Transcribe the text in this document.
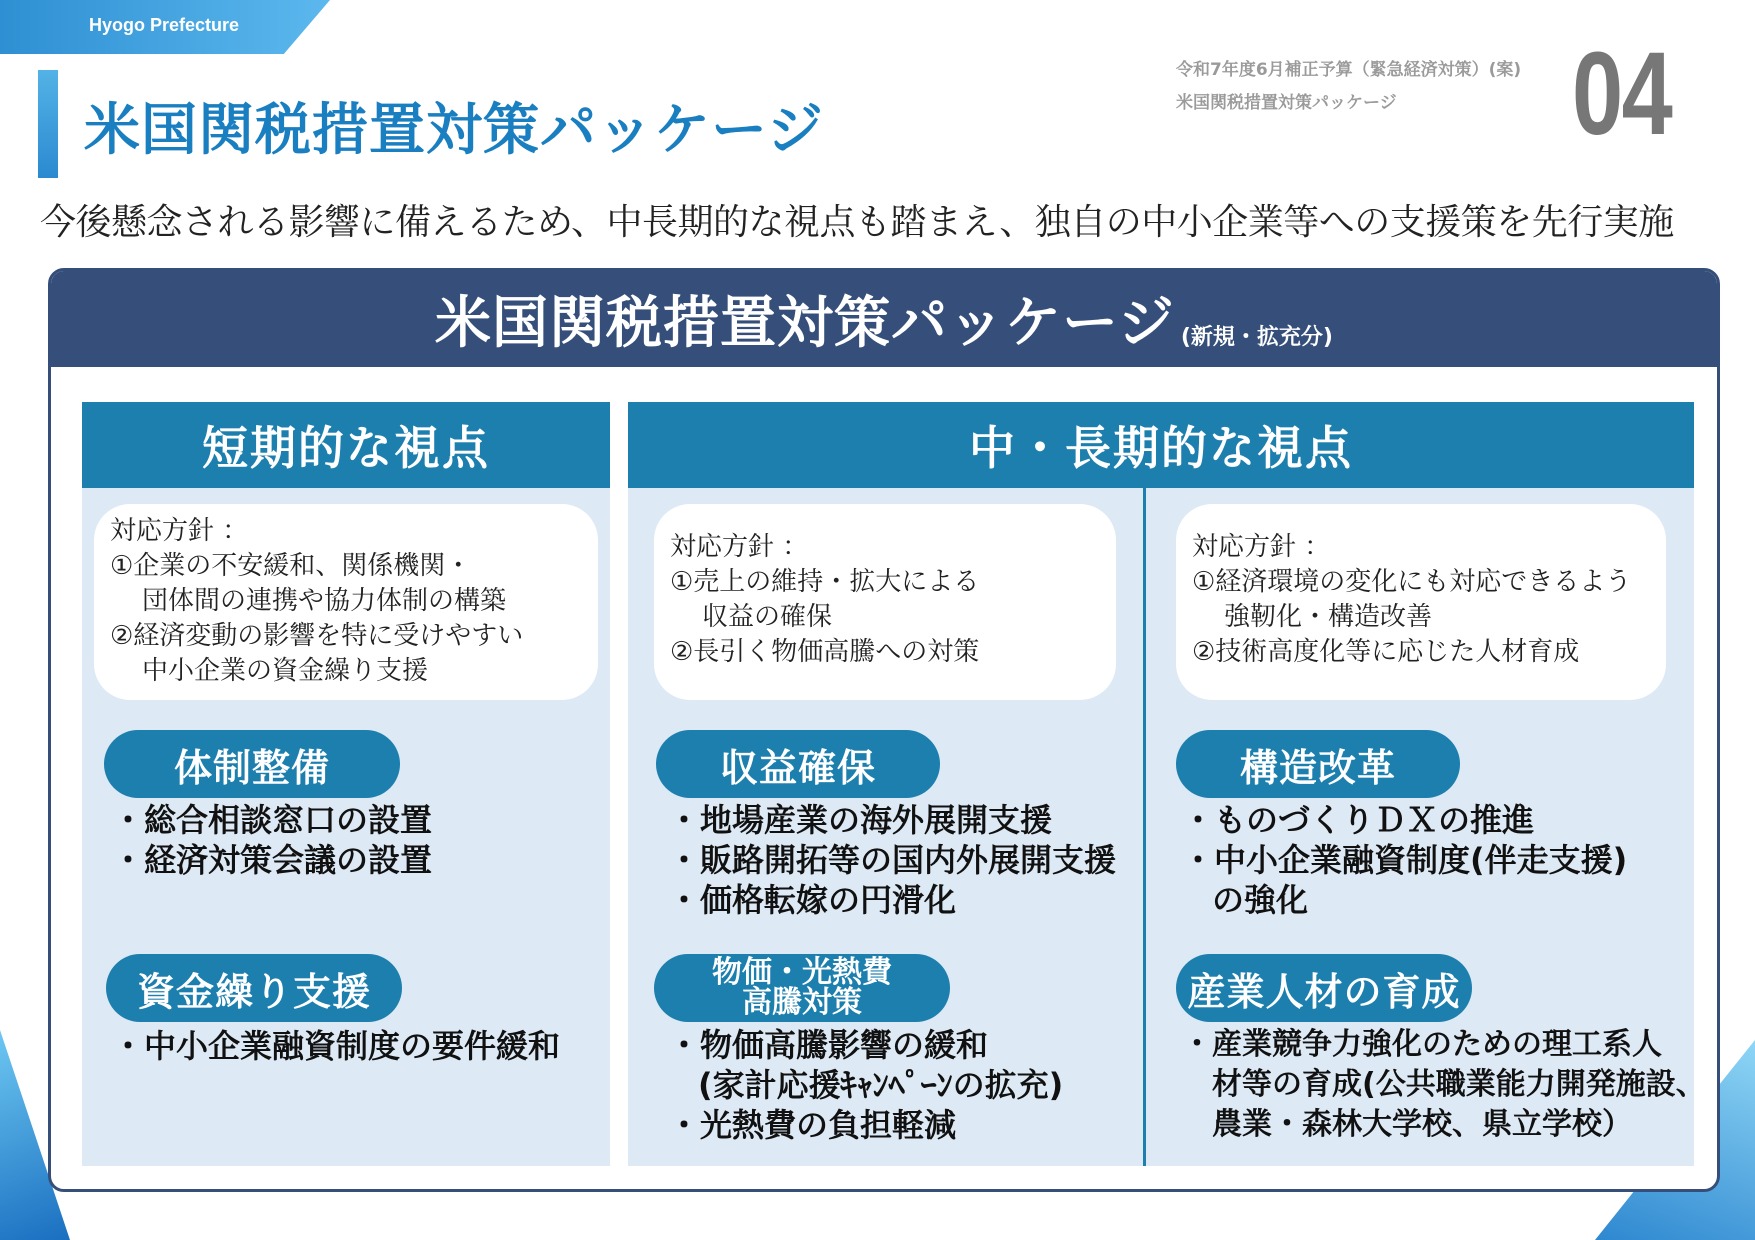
Hyogo Prefecture
米国関税措置対策パッケージ
令和7年度6月補正予算（緊急経済対策）(案)
米国関税措置対策パッケージ	04
今後懸念される影響に備えるため、中長期的な視点も踏まえ、独自の中小企業等への支援策を先行実施
米国関税措置対策パッケージ (新規・拡充分)
短期的な視点
対応方針 ：
①企業の不安緩和、関係機関・
団体間の連携や協力体制の構築
②経済変動の影響を特に受けやすい
中小企業の資金繰り支援
体制整備
・総合相談窓口の設置
・経済対策会議の設置
資金繰り支援
・中小企業融資制度の要件緩和
中・長期的な視点
対応方針 ：
①売上の維持・拡大による
収益の確保
②長引く物価高騰への対策
収益確保
・地場産業の海外展開支援
・販路開拓等の国内外展開支援
・価格転嫁の円滑化
物価・光熱費
高騰対策
・物価高騰影響の緩和
(家計応援ｷｬﾝﾍﾟｰﾝの拡充)
・光熱費の負担軽減
対応方針 ：
①経済環境の変化にも対応できるよう
強靭化・構造改善
②技術高度化等に応じた人材育成
構造改革
・ものづくりＤＸの推進
・中小企業融資制度(伴走支援)
の強化
産業人材の育成
・産業競争力強化のための理工系人
材等の育成(公共職業能力開発施設、
農業・森林大学校、県立学校）
